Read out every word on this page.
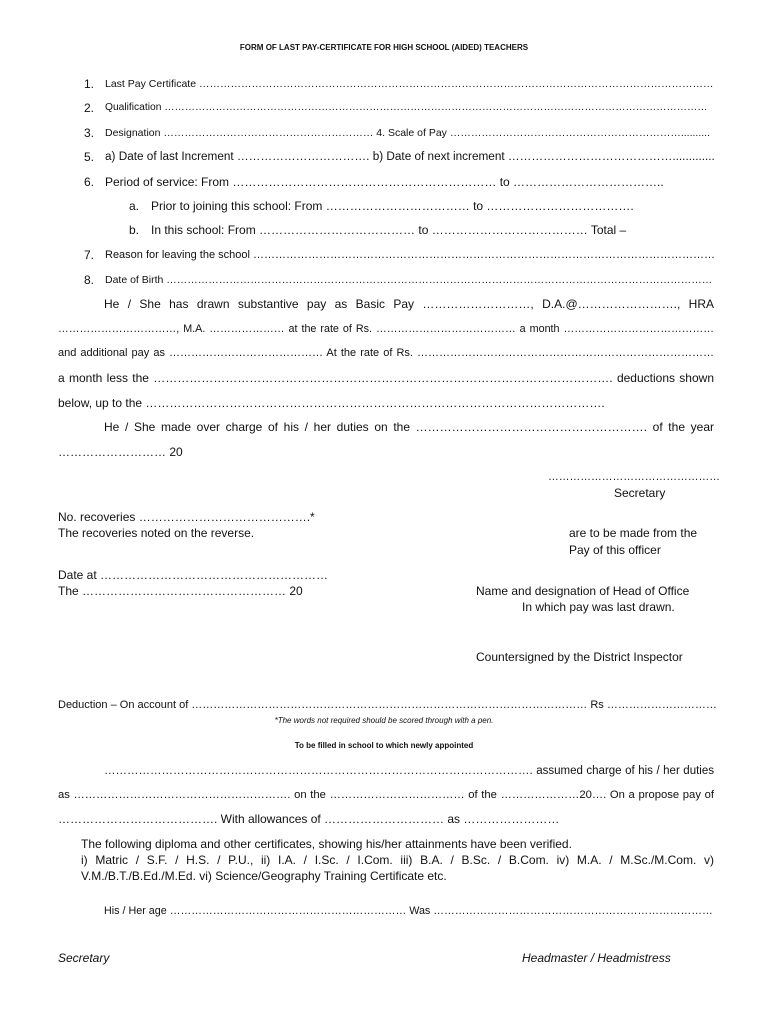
FORM OF LAST PAY-CERTIFICATE FOR HIGH SCHOOL (AIDED) TEACHERS
1. Last Pay Certificate …………………………………………………………………………………………………………………………………
2. Qualification ……………………………………………………………………………………………………………………………………………
3. Designation …………………………………………………… 4. Scale of Pay …………………………………………………………..........
5. a) Date of last Increment ……………………………. b) Date of next increment …………………………………….............
6. Period of service: From ………………………………………………………… to ………………………………..
a. Prior to joining this school: From ……………………………… to ……………………………….
b. In this school: From ………………………………… to ………………………………… Total –
7. Reason for leaving the school ………………………………………………………………………………………………………………
8. Date of Birth …………………………………………………………………………………………………………………………………………
He / She has drawn substantive pay as Basic Pay ………………………, D.A.@……………………., HRA
……………………………, M.A. ………………… at the rate of Rs. ………………………………… a month ……………………………………
and additional pay as …………………………………… At the rate of Rs. ………………………………………………………………………
a month less the ……………………………………………………………………………………………………. deductions shown
below, up to the …………………………………………………………………………………………………….
He / She made over charge of his / her duties on the …………………………………………………. of the year
……………………… 20
…………………………………………
Secretary
No. recoveries …………………………………….*
The recoveries noted on the reverse.	are to be made from the
Pay of this officer
Date at …………………………………………………
The …………………………………………… 20	Name and designation of Head of Office
In which pay was last drawn.
Countersigned by the District Inspector
Deduction – On account of ……………………………………………………………………………………………… Rs …………………………
*The words not required should be scored through with a pen.
To be filled in school to which newly appointed
…………………………………………………………………………………………………. assumed charge of his / her duties
as …………………………………………………. on the ……………………………… of the …………………20…. On a propose pay of
…………………………………. With allowances of ………………………… as ……………………
The following diploma and other certificates, showing his/her attainments have been verified.
i) Matric / S.F. / H.S. / P.U., ii) I.A. / I.Sc. / I.Com. iii) B.A. / B.Sc. / B.Com. iv) M.A. / M.Sc./M.Com. v)
V.M./B.T./B.Ed./M.Ed. vi) Science/Geography Training Certificate etc.
His / Her age ………………………………………………………… Was ……………………………………………………………………
Secretary	Headmaster / Headmistress
